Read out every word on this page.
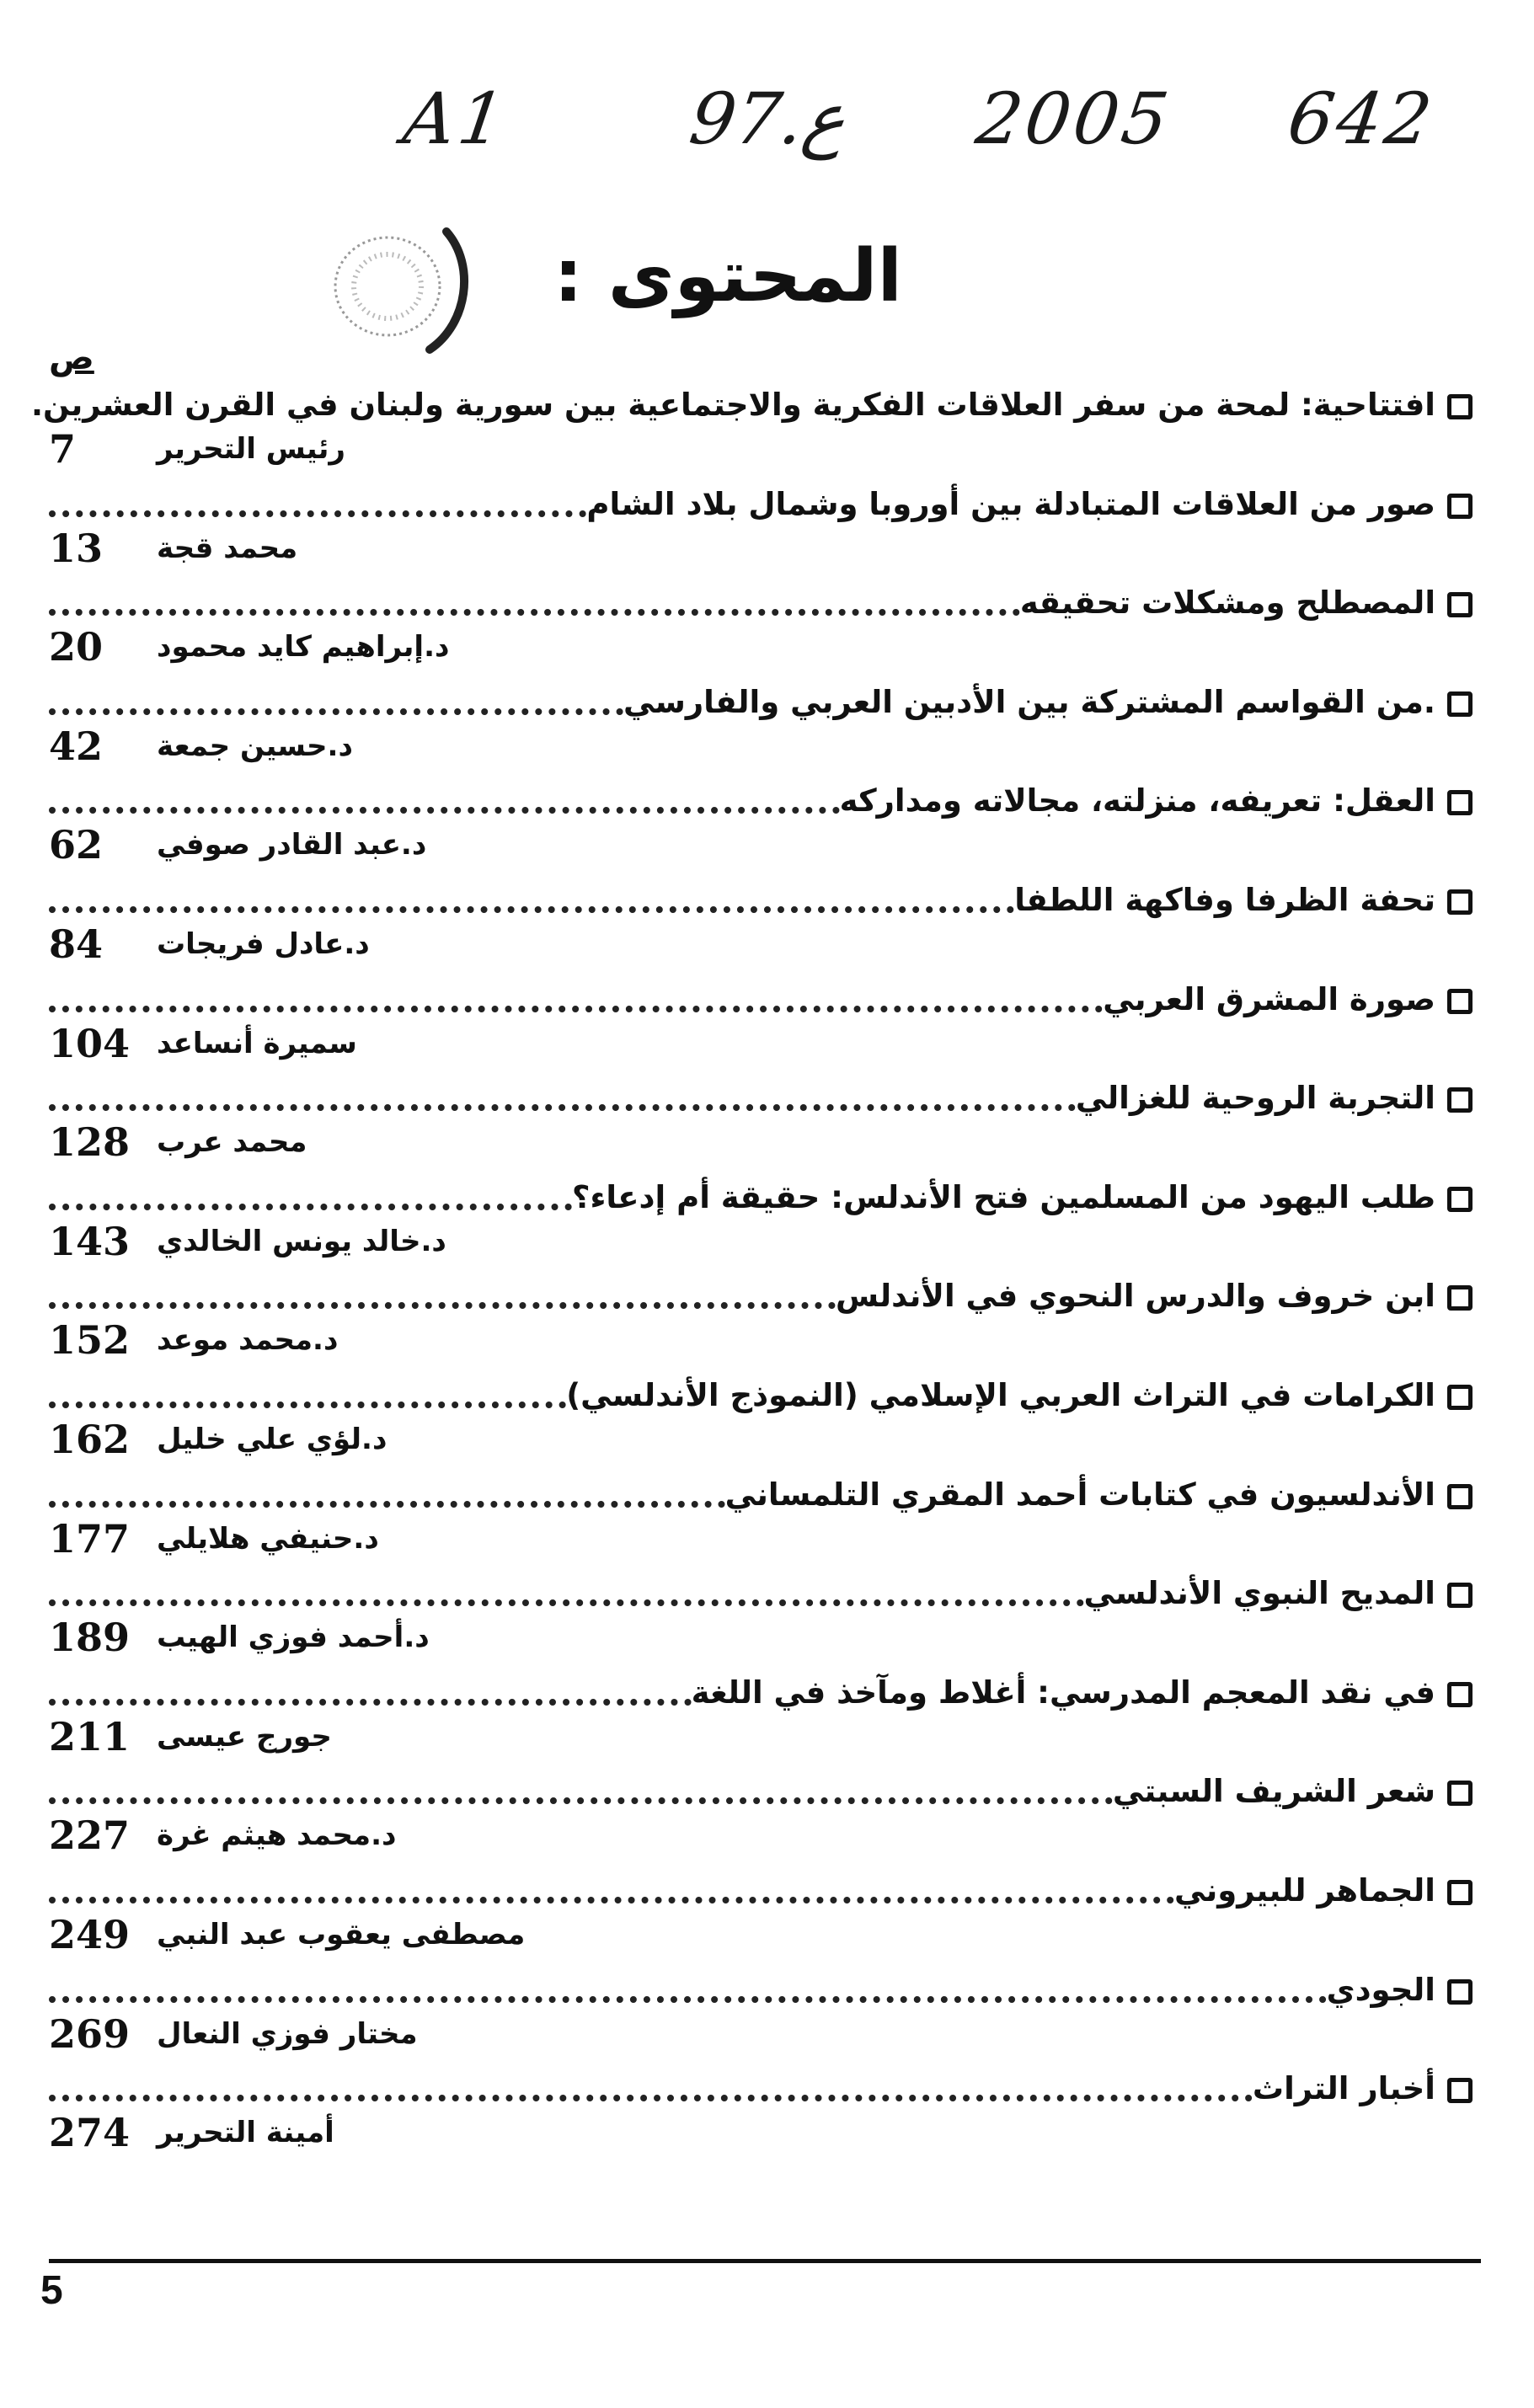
A1 97.ع 2005 642
المحتوى :
ص
افتتاحية: لمحة من سفر العلاقات الفكرية والاجتماعية بين سورية ولبنان في القرن العشرين.
7	رئيس التحرير
صور من العلاقات المتبادلة بين أوروبا وشمال بلاد الشام
13	محمد قجة
المصطلح ومشكلات تحقيقه
20	د.إبراهيم كايد محمود
.من القواسم المشتركة بين الأدبين العربي والفارسي
42	د.حسين جمعة
العقل: تعريفه، منزلته، مجالاته ومداركه
62	د.عبد القادر صوفي
تحفة الظرفا وفاكهة اللطفا
84	د.عادل فريجات
صورة المشرق العربي
104 سميرة أنساعد
التجربة الروحية للغزالي
128 محمد عرب
طلب اليهود من المسلمين فتح الأندلس: حقيقة أم إدعاء؟
143 د.خالد يونس الخالدي
ابن خروف والدرس النحوي في الأندلس
152 د.محمد موعد
الكرامات في التراث العربي الإسلامي (النموذج الأندلسي)
162 د.لؤي علي خليل
الأندلسيون في كتابات أحمد المقري التلمساني
177 د.حنيفي هلايلي
المديح النبوي الأندلسي
189 د.أحمد فوزي الهيب
في نقد المعجم المدرسي: أغلاط ومآخذ في اللغة
211 جورج عيسى
شعر الشريف السبتي
227 د.محمد هيثم غرة
الجماهر للبيروني
249 مصطفى يعقوب عبد النبي
الجودي
269 مختار فوزي النعال
أخبار التراث
274 أمينة التحرير
5
